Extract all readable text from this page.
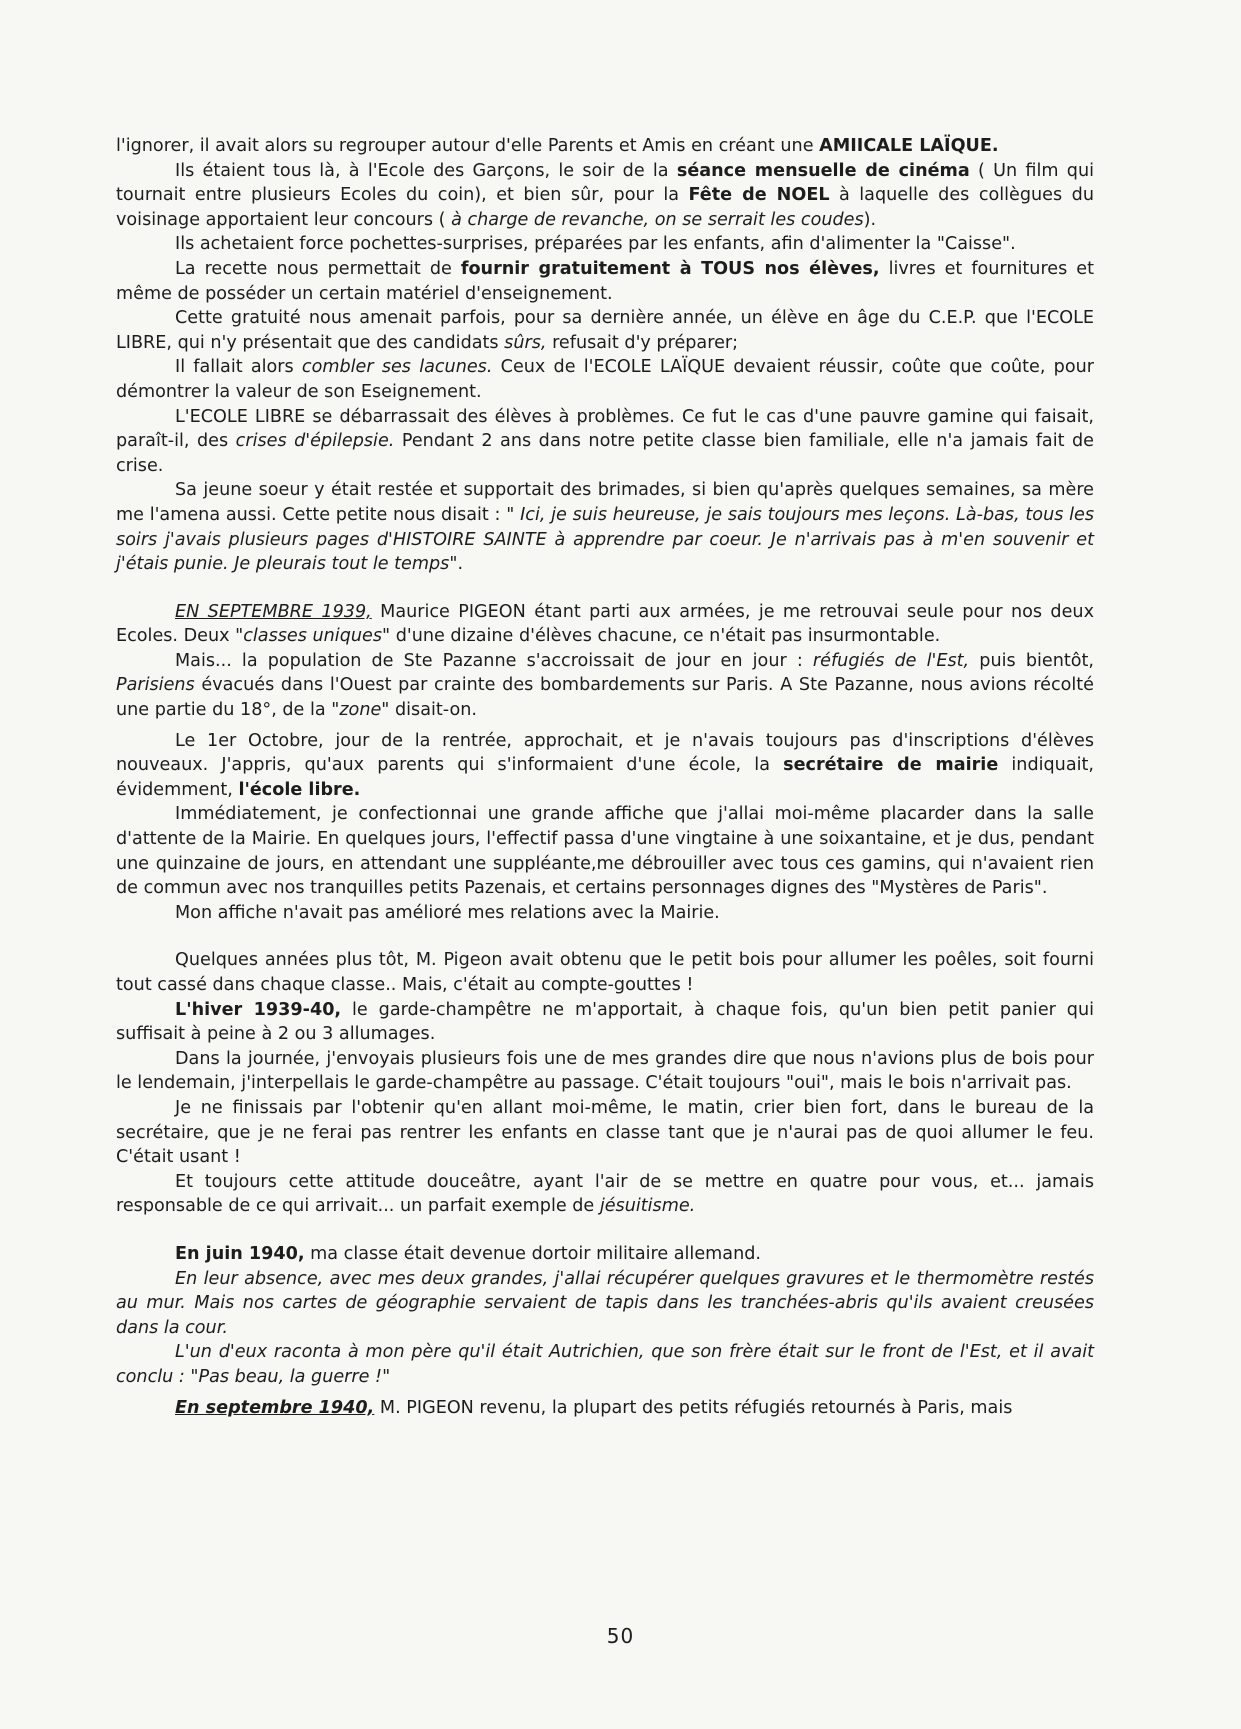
l'ignorer, il avait alors su regrouper autour d'elle Parents et Amis en créant une AMIICALE LAÏQUE.

Ils étaient tous là, à l'Ecole des Garçons, le soir de la séance mensuelle de cinéma ( Un film qui tournait entre plusieurs Ecoles du coin), et bien sûr, pour la Fête de NOEL à laquelle des collègues du voisinage apportaient leur concours ( à charge de revanche, on se serrait les coudes).

Ils achetaient force pochettes-surprises, préparées par les enfants, afin d'alimenter la "Caisse".

La recette nous permettait de fournir gratuitement à TOUS nos élèves, livres et fournitures et même de posséder un certain matériel d'enseignement.

Cette gratuité nous amenait parfois, pour sa dernière année, un élève en âge du C.E.P. que l'ECOLE LIBRE, qui n'y présentait que des candidats sûrs, refusait d'y préparer;

Il fallait alors combler ses lacunes. Ceux de l'ECOLE LAÏQUE devaient réussir, coûte que coûte, pour démontrer la valeur de son Eseignement.

L'ECOLE LIBRE se débarrassait des élèves à problèmes. Ce fut le cas d'une pauvre gamine qui faisait, paraît-il, des crises d'épilepsie. Pendant 2 ans dans notre petite classe bien familiale, elle n'a jamais fait de crise.

Sa jeune soeur y était restée et supportait des brimades, si bien qu'après quelques semaines, sa mère me l'amena aussi. Cette petite nous disait : " Ici, je suis heureuse, je sais toujours mes leçons. Là-bas, tous les soirs j'avais plusieurs pages d'HISTOIRE SAINTE à apprendre par coeur. Je n'arrivais pas à m'en souvenir et j'étais punie. Je pleurais tout le temps".

EN SEPTEMBRE 1939, Maurice PIGEON étant parti aux armées, je me retrouvai seule pour nos deux Ecoles. Deux "classes uniques" d'une dizaine d'élèves chacune, ce n'était pas insurmontable.

Mais... la population de Ste Pazanne s'accroissait de jour en jour : réfugiés de l'Est, puis bientôt, Parisiens évacués dans l'Ouest par crainte des bombardements sur Paris. A Ste Pazanne, nous avions récolté une partie du 18°, de la "zone" disait-on.

Le 1er Octobre, jour de la rentrée, approchait, et je n'avais toujours pas d'inscriptions d'élèves nouveaux. J'appris, qu'aux parents qui s'informaient d'une école, la secrétaire de mairie indiquait, évidemment, l'école libre.

Immédiatement, je confectionnai une grande affiche que j'allai moi-même placarder dans la salle d'attente de la Mairie. En quelques jours, l'effectif passa d'une vingtaine à une soixantaine, et je dus, pendant une quinzaine de jours, en attendant une suppléante,me débrouiller avec tous ces gamins, qui n'avaient rien de commun avec nos tranquilles petits Pazenais, et certains personnages dignes des "Mystères de Paris".

Mon affiche n'avait pas amélioré mes relations avec la Mairie.

Quelques années plus tôt, M. Pigeon avait obtenu que le petit bois pour allumer les poêles, soit fourni tout cassé dans chaque classe.. Mais, c'était au compte-gouttes !

L'hiver 1939-40, le garde-champêtre ne m'apportait, à chaque fois, qu'un bien petit panier qui suffisait à peine à 2 ou 3 allumages.

Dans la journée, j'envoyais plusieurs fois une de mes grandes dire que nous n'avions plus de bois pour le lendemain, j'interpellais le garde-champêtre au passage. C'était toujours "oui", mais le bois n'arrivait pas.

Je ne finissais par l'obtenir qu'en allant moi-même, le matin, crier bien fort, dans le bureau de la secrétaire, que je ne ferai pas rentrer les enfants en classe tant que je n'aurai pas de quoi allumer le feu. C'était usant !

Et toujours cette attitude douceâtre, ayant l'air de se mettre en quatre pour vous, et... jamais responsable de ce qui arrivait... un parfait exemple de jésuitisme.

En juin 1940, ma classe était devenue dortoir militaire allemand.

En leur absence, avec mes deux grandes, j'allai récupérer quelques gravures et le thermomètre restés au mur. Mais nos cartes de géographie servaient de tapis dans les tranchées-abris qu'ils avaient creusées dans la cour.

L'un d'eux raconta à mon père qu'il était Autrichien, que son frère était sur le front de l'Est, et il avait conclu : "Pas beau, la guerre !"

En septembre 1940, M. PIGEON revenu, la plupart des petits réfugiés retournés à Paris, mais

50
